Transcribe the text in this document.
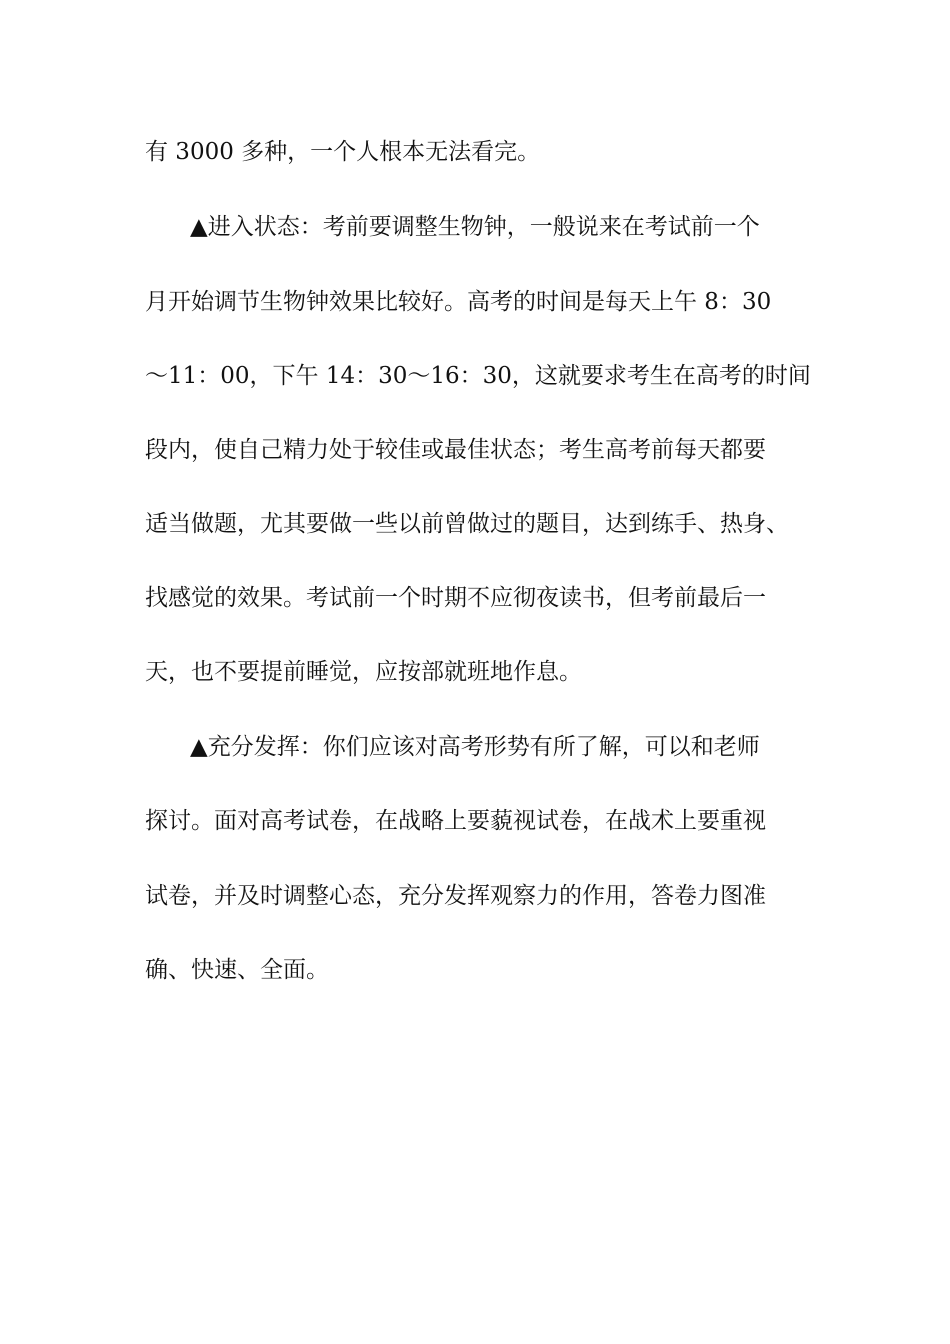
有 3000 多种，一个人根本无法看完。
▲进入状态：考前要调整生物钟，一般说来在考试前一个
月开始调节生物钟效果比较好。高考的时间是每天上午 8：30
～11：00，下午 14：30～16：30，这就要求考生在高考的时间
段内，使自己精力处于较佳或最佳状态；考生高考前每天都要
适当做题，尤其要做一些以前曾做过的题目，达到练手、热身、
找感觉的效果。考试前一个时期不应彻夜读书，但考前最后一
天，也不要提前睡觉，应按部就班地作息。
▲充分发挥：你们应该对高考形势有所了解，可以和老师
探讨。面对高考试卷，在战略上要藐视试卷，在战术上要重视
试卷，并及时调整心态，充分发挥观察力的作用，答卷力图准
确、快速、全面。
